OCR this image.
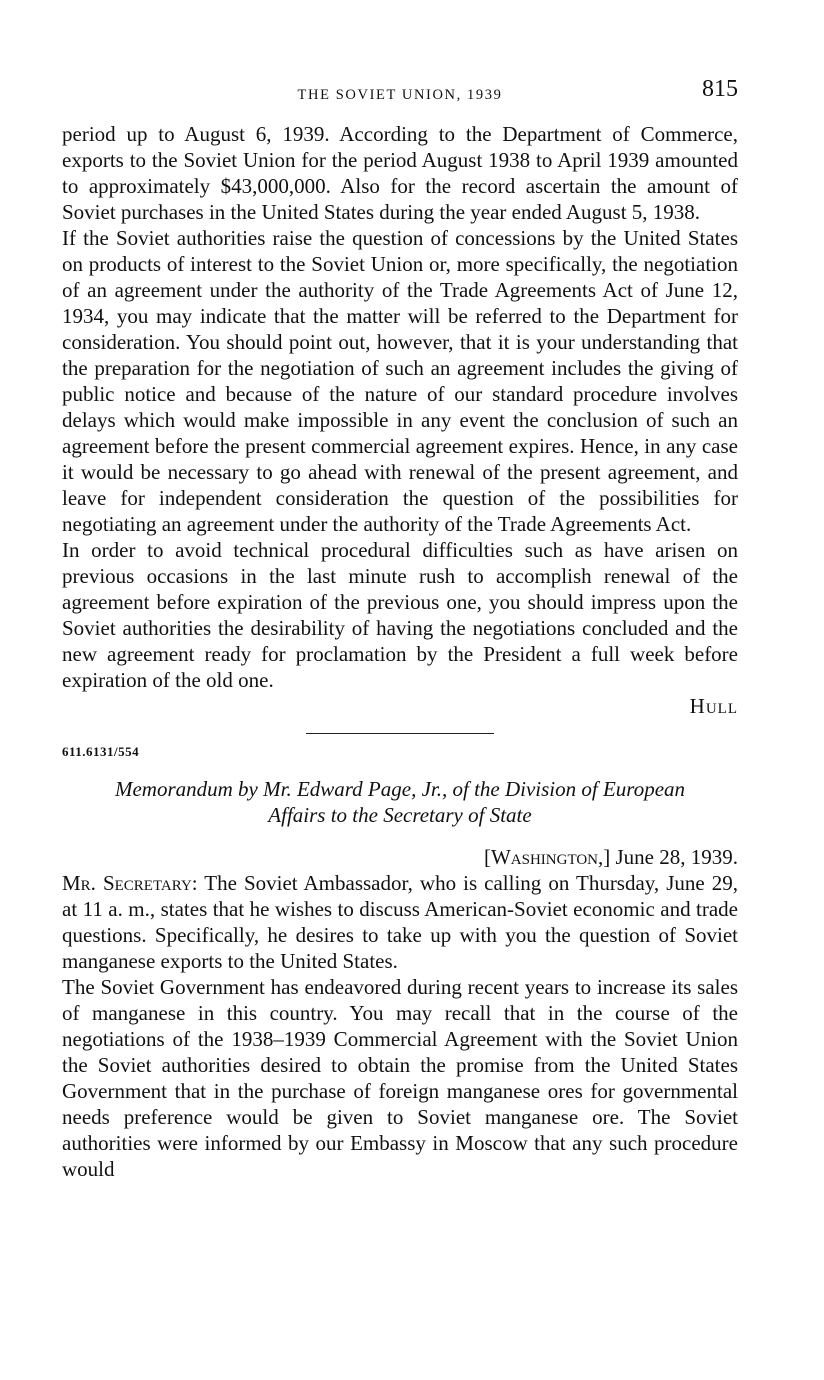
THE SOVIET UNION, 1939	815

period up to August 6, 1939. According to the Department of Commerce, exports to the Soviet Union for the period August 1938 to April 1939 amounted to approximately $43,000,000. Also for the record ascertain the amount of Soviet purchases in the United States during the year ended August 5, 1938.

If the Soviet authorities raise the question of concessions by the United States on products of interest to the Soviet Union or, more specifically, the negotiation of an agreement under the authority of the Trade Agreements Act of June 12, 1934, you may indicate that the matter will be referred to the Department for consideration. You should point out, however, that it is your understanding that the preparation for the negotiation of such an agreement includes the giving of public notice and because of the nature of our standard procedure involves delays which would make impossible in any event the conclusion of such an agreement before the present commercial agreement expires. Hence, in any case it would be necessary to go ahead with renewal of the present agreement, and leave for independent consideration the question of the possibilities for negotiating an agreement under the authority of the Trade Agreements Act.

In order to avoid technical procedural difficulties such as have arisen on previous occasions in the last minute rush to accomplish renewal of the agreement before expiration of the previous one, you should impress upon the Soviet authorities the desirability of having the negotiations concluded and the new agreement ready for proclamation by the President a full week before expiration of the old one.

Hull
611.6131/554
Memorandum by Mr. Edward Page, Jr., of the Division of European
Affairs to the Secretary of State
[Washington,] June 28, 1939.

Mr. Secretary: The Soviet Ambassador, who is calling on Thursday, June 29, at 11 a. m., states that he wishes to discuss American-Soviet economic and trade questions. Specifically, he desires to take up with you the question of Soviet manganese exports to the United States.

The Soviet Government has endeavored during recent years to increase its sales of manganese in this country. You may recall that in the course of the negotiations of the 1938–1939 Commercial Agreement with the Soviet Union the Soviet authorities desired to obtain the promise from the United States Government that in the purchase of foreign manganese ores for governmental needs preference would be given to Soviet manganese ore. The Soviet authorities were informed by our Embassy in Moscow that any such procedure would
